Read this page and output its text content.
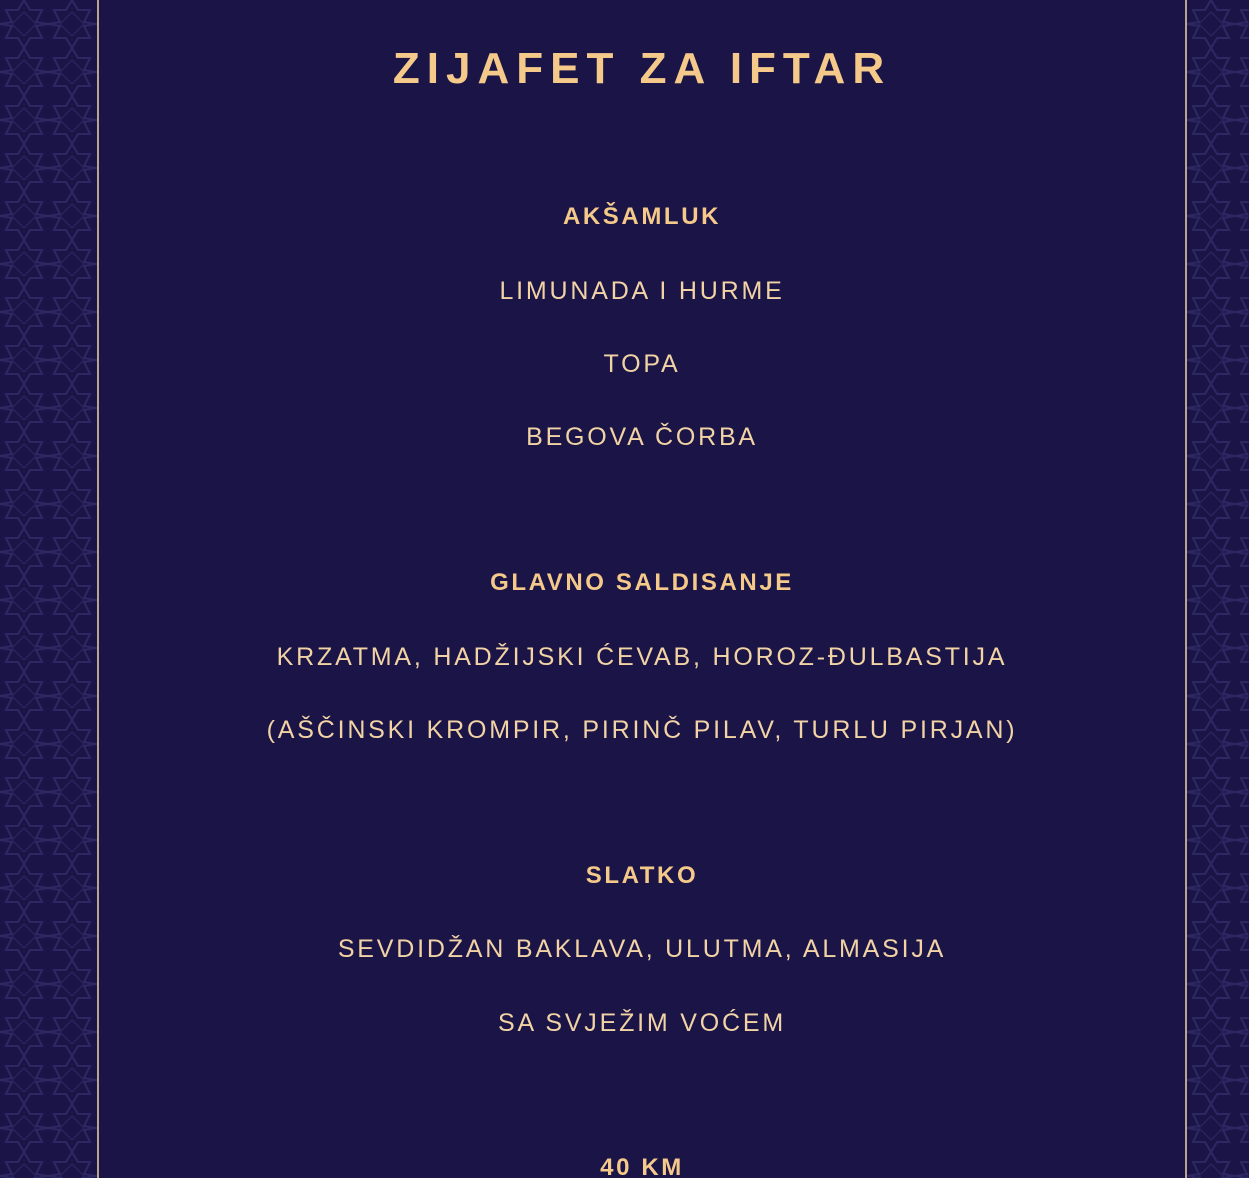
ZIJAFET ZA IFTAR
AKŠAMLUK
LIMUNADA I HURME
TOPA
BEGOVA ČORBA
GLAVNO SALDISANJE
KRZATMA, HADŽIJSKI ĆEVAB, HOROZ-ĐULBASTIJA
(AŠČINSKI KROMPIR, PIRINČ PILAV, TURLU PIRJAN)
SLATKO
SEVDIDŽAN BAKLAVA, ULUTMA, ALMASIJA
SA SVJEŽIM VOĆEM
40 KM
